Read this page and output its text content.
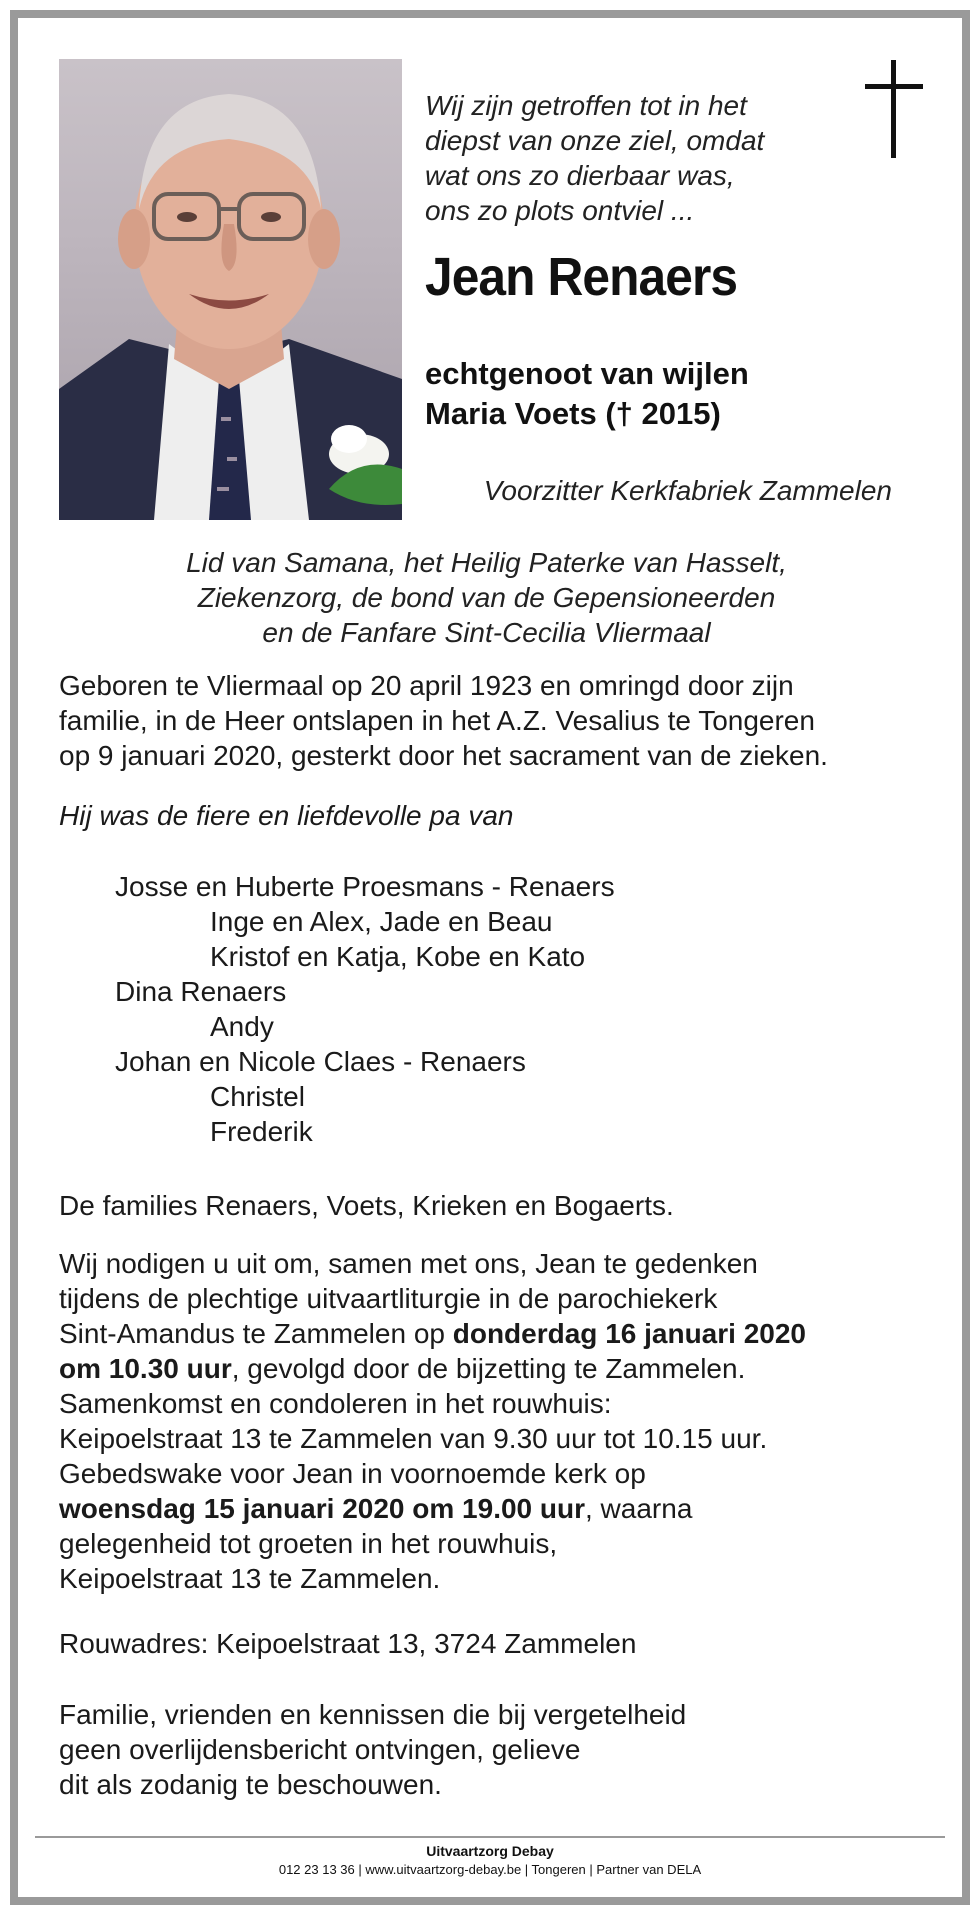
Wij zijn getroffen tot in het
diepst van onze ziel, omdat
wat ons zo dierbaar was,
ons zo plots ontviel ...
Jean Renaers
echtgenoot van wijlen
Maria Voets († 2015)
Voorzitter Kerkfabriek Zammelen
Lid van Samana, het Heilig Paterke van Hasselt,
Ziekenzorg, de bond van de Gepensioneerden
en de Fanfare Sint-Cecilia Vliermaal
Geboren te Vliermaal op 20 april 1923 en omringd door zijn
familie, in de Heer ontslapen in het A.Z. Vesalius te Tongeren
op 9 januari 2020, gesterkt door het sacrament van de zieken.
Hij was de fiere en liefdevolle pa van
Josse en Huberte Proesmans - Renaers
Inge en Alex, Jade en Beau
Kristof en Katja, Kobe en Kato
Dina Renaers
Andy
Johan en Nicole Claes - Renaers
Christel
Frederik
De families Renaers, Voets, Krieken en Bogaerts.
Wij nodigen u uit om, samen met ons, Jean te gedenken
tijdens de plechtige uitvaartliturgie in de parochiekerk
Sint-Amandus te Zammelen op donderdag 16 januari 2020
om 10.30 uur, gevolgd door de bijzetting te Zammelen.
Samenkomst en condoleren in het rouwhuis:
Keipoelstraat 13 te Zammelen van 9.30 uur tot 10.15 uur.
Gebedswake voor Jean in voornoemde kerk op
woensdag 15 januari 2020 om 19.00 uur, waarna
gelegenheid tot groeten in het rouwhuis,
Keipoelstraat 13 te Zammelen.
Rouwadres: Keipoelstraat 13, 3724 Zammelen
Familie, vrienden en kennissen die bij vergetelheid
geen overlijdensbericht ontvingen, gelieve
dit als zodanig te beschouwen.
Uitvaartzorg Debay
012 23 13 36 | www.uitvaartzorg-debay.be | Tongeren | Partner van DELA
